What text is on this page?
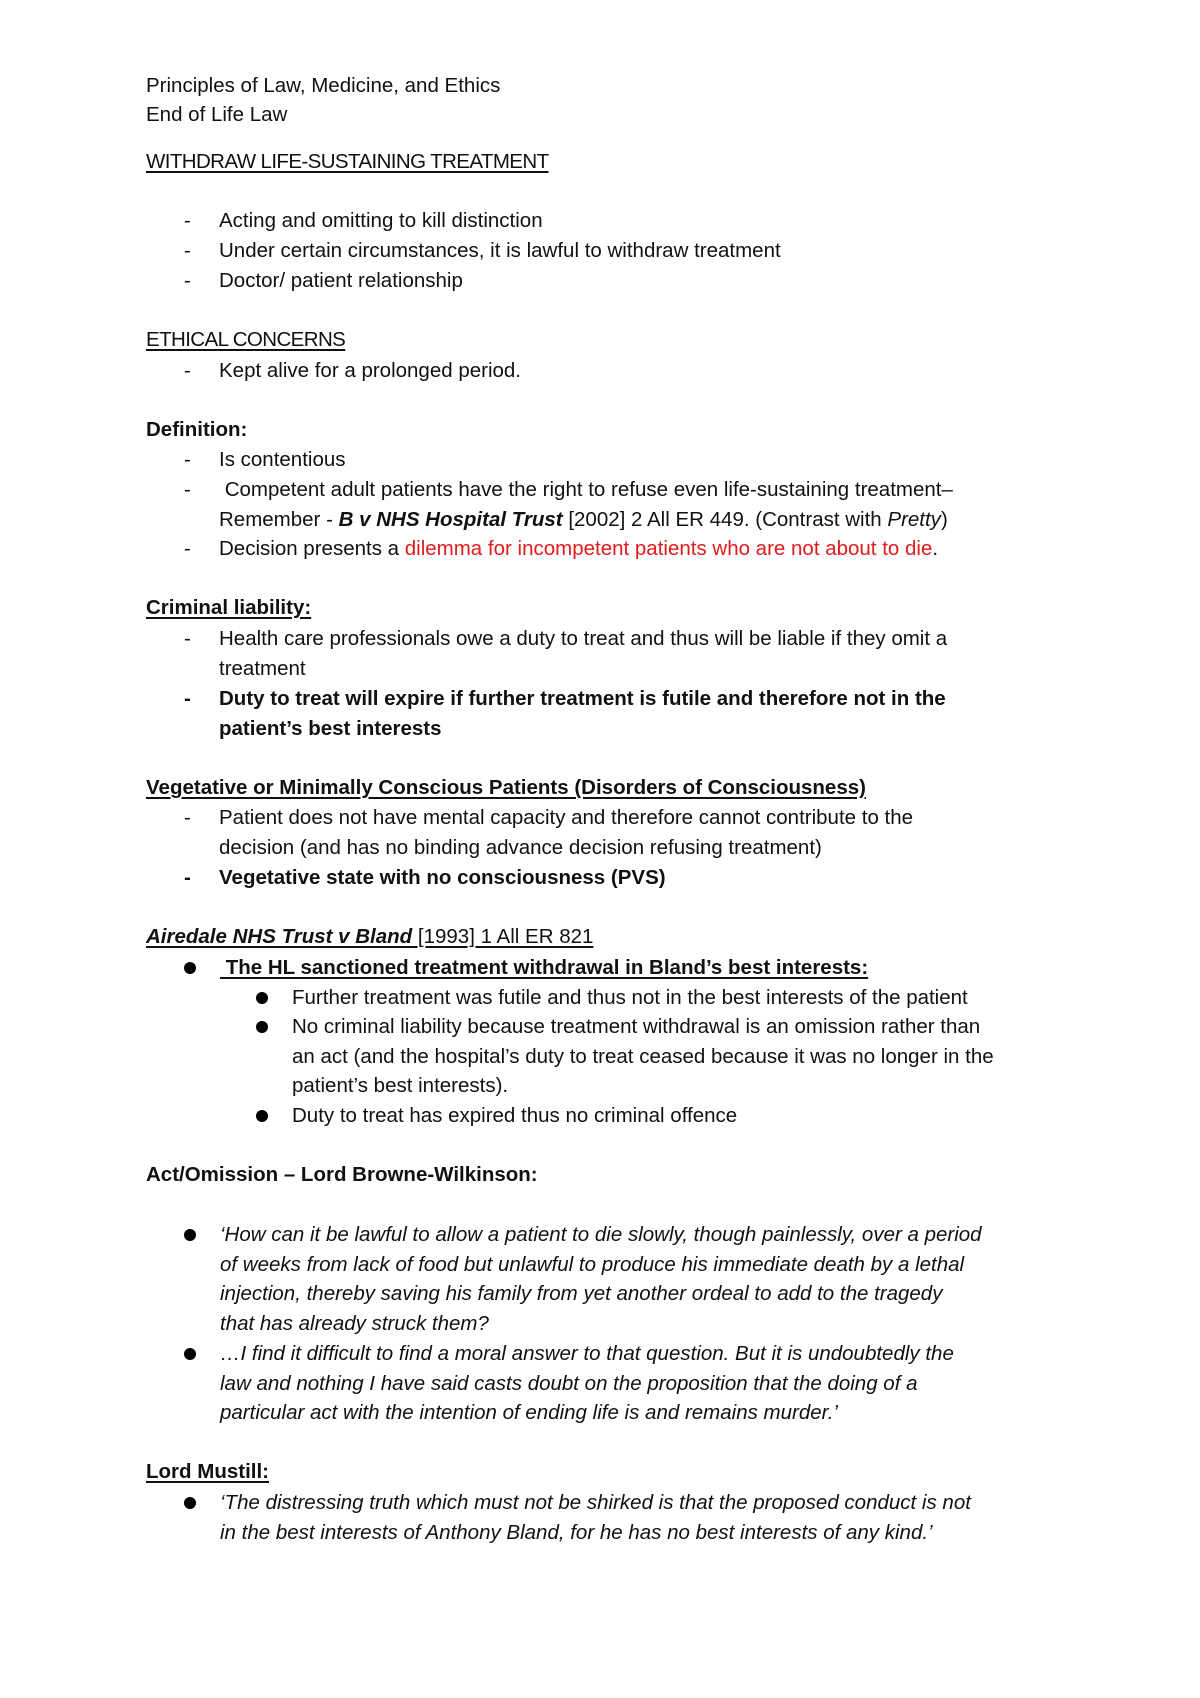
Principles of Law, Medicine, and Ethics
End of Life Law
WITHDRAW LIFE-SUSTAINING TREATMENT
- Acting and omitting to kill distinction
- Under certain circumstances, it is lawful to withdraw treatment
- Doctor/ patient relationship
ETHICAL CONCERNS
- Kept alive for a prolonged period.
Definition:
- Is contentious
- Competent adult patients have the right to refuse even life-sustaining treatment–
Remember - B v NHS Hospital Trust [2002] 2 All ER 449. (Contrast with Pretty)
- Decision presents a dilemma for incompetent patients who are not about to die.
Criminal liability:
- Health care professionals owe a duty to treat and thus will be liable if they omit a
treatment
- Duty to treat will expire if further treatment is futile and therefore not in the
patient’s best interests
Vegetative or Minimally Conscious Patients (Disorders of Consciousness)
- Patient does not have mental capacity and therefore cannot contribute to the
decision (and has no binding advance decision refusing treatment)
- Vegetative state with no consciousness (PVS)
Airedale NHS Trust v Bland [1993] 1 All ER 821
The HL sanctioned treatment withdrawal in Bland’s best interests:
Further treatment was futile and thus not in the best interests of the patient
No criminal liability because treatment withdrawal is an omission rather than
an act (and the hospital’s duty to treat ceased because it was no longer in the
patient’s best interests).
Duty to treat has expired thus no criminal offence
Act/Omission – Lord Browne-Wilkinson:
‘How can it be lawful to allow a patient to die slowly, though painlessly, over a period
of weeks from lack of food but unlawful to produce his immediate death by a lethal
injection, thereby saving his family from yet another ordeal to add to the tragedy
that has already struck them?
…I find it difficult to find a moral answer to that question. But it is undoubtedly the
law and nothing I have said casts doubt on the proposition that the doing of a
particular act with the intention of ending life is and remains murder.’
Lord Mustill:
‘The distressing truth which must not be shirked is that the proposed conduct is not
in the best interests of Anthony Bland, for he has no best interests of any kind.’
